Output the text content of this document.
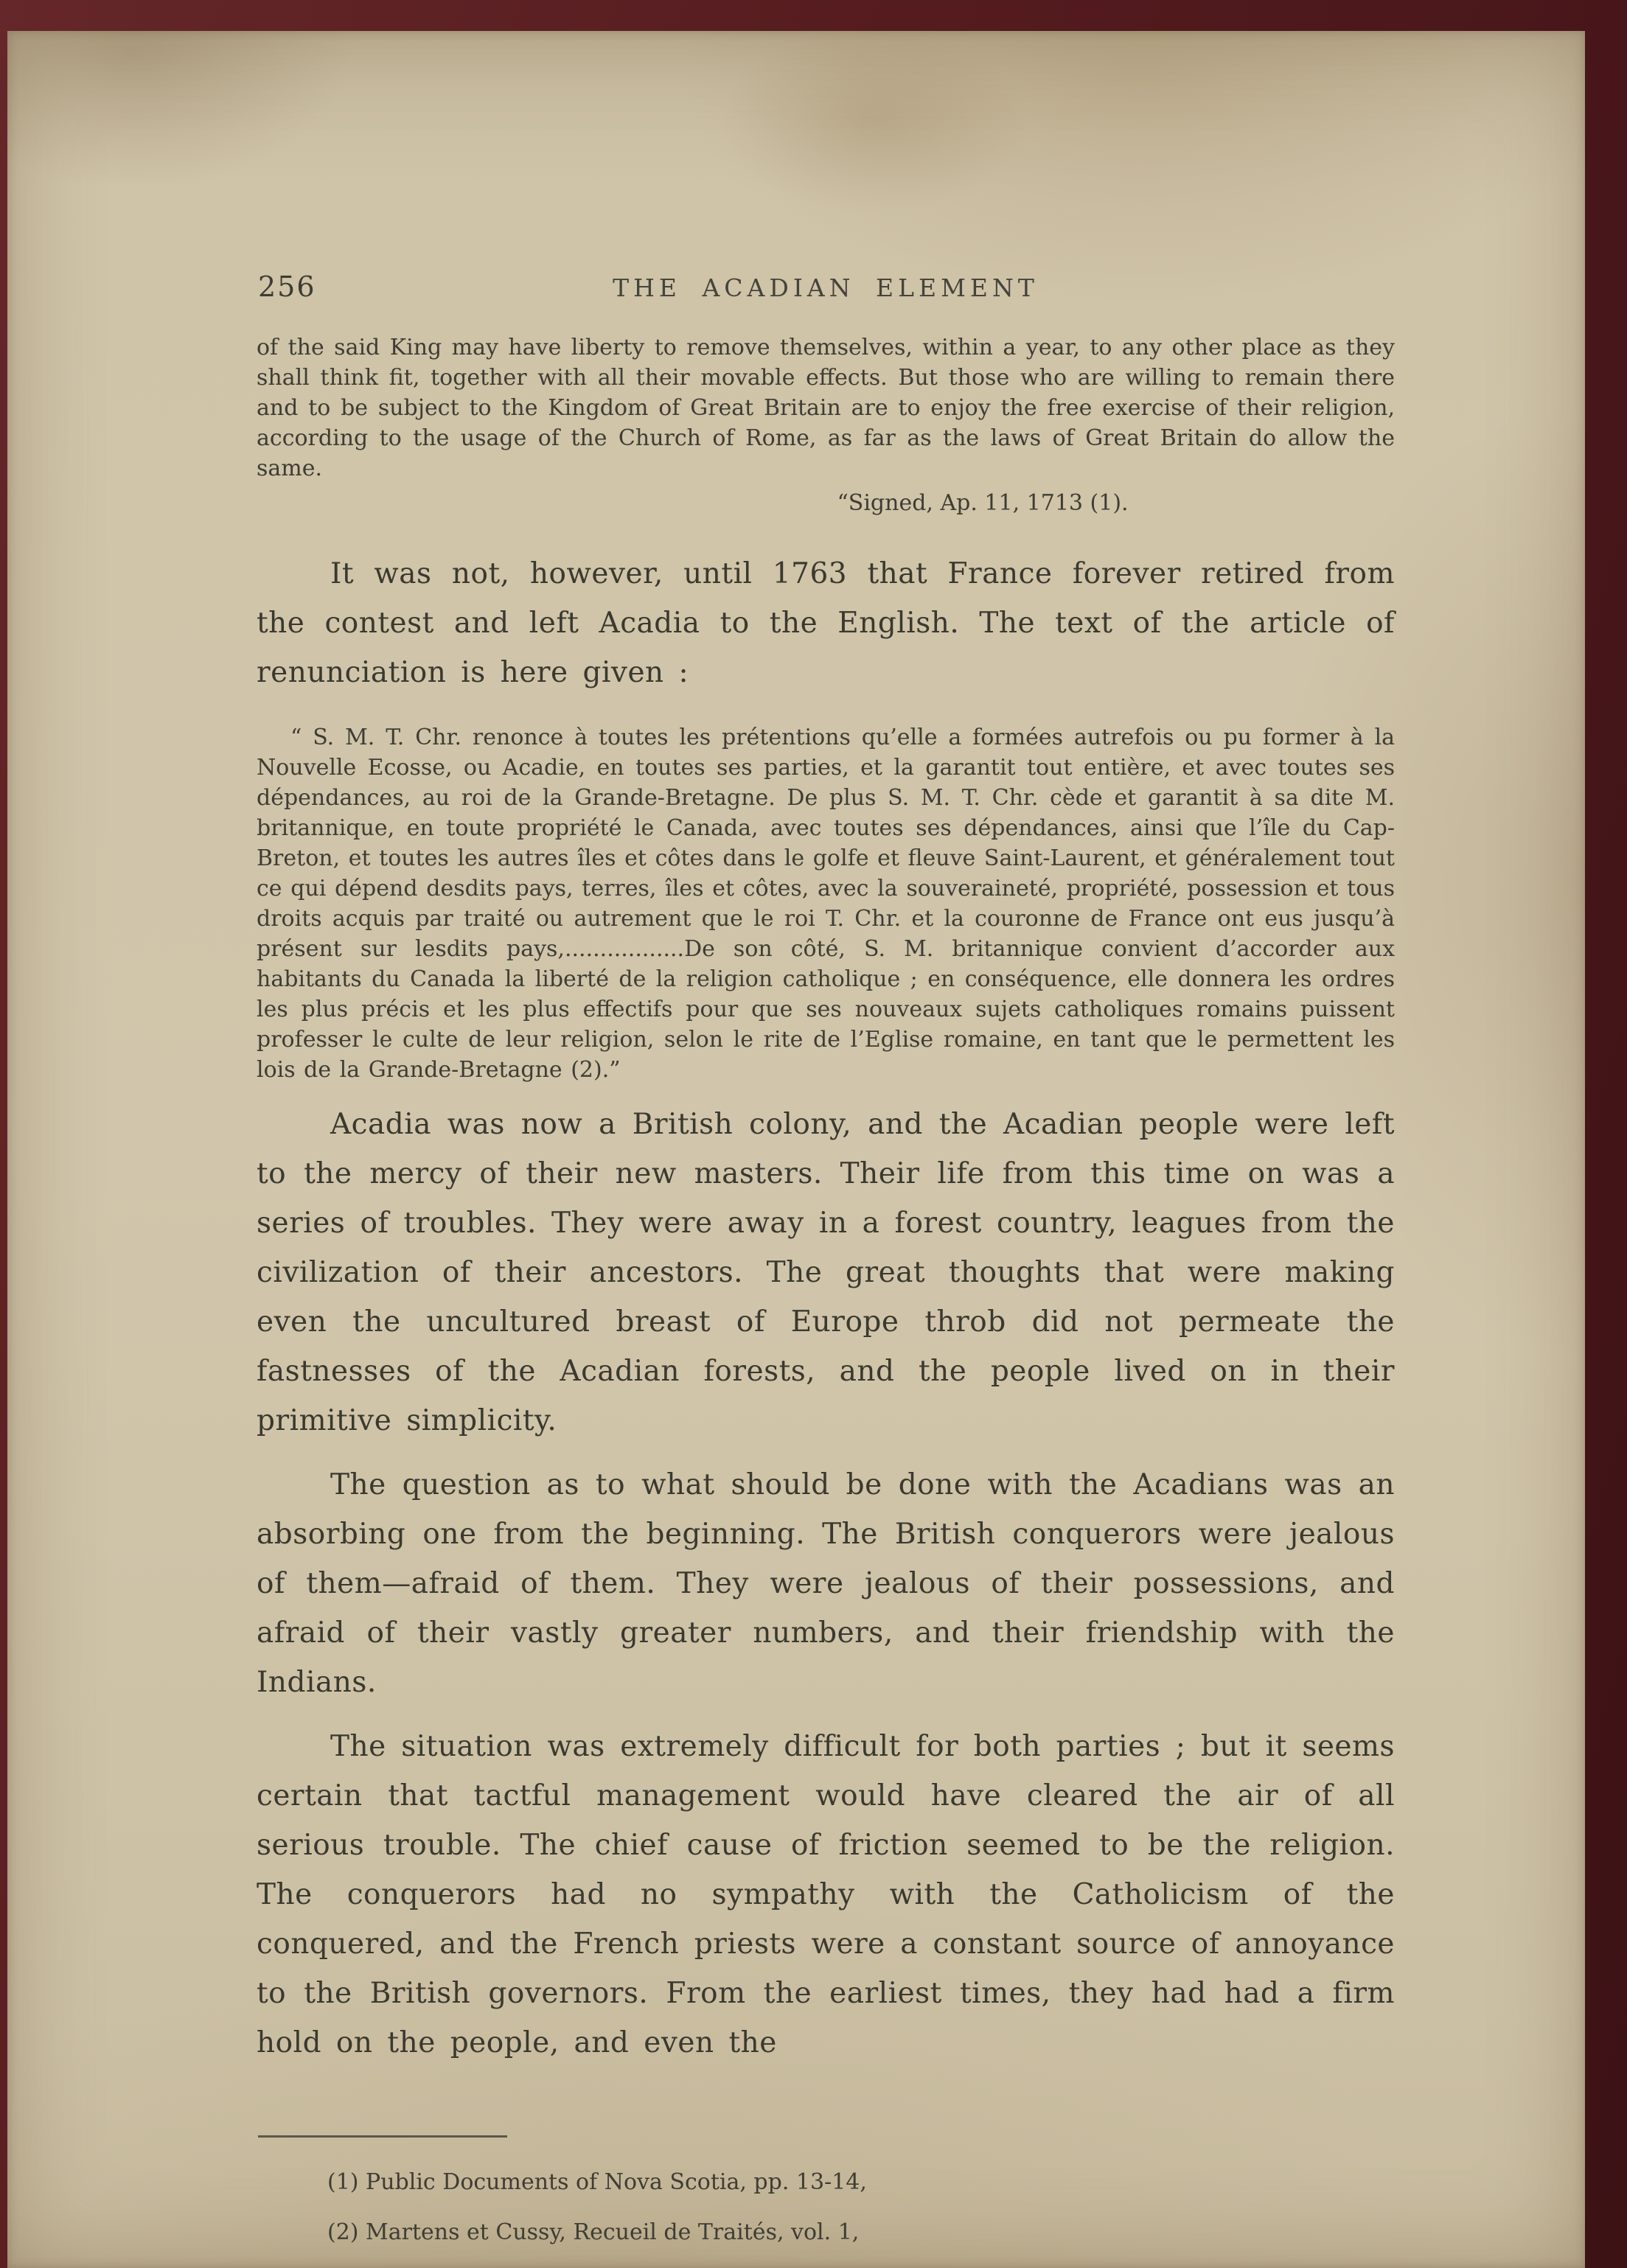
256	THE ACADIAN ELEMENT

of the said King may have liberty to remove themselves, within a year, to any other place as they shall think fit, together with all their movable effects. But those who are willing to remain there and to be subject to the Kingdom of Great Britain are to enjoy the free exercise of their religion, according to the usage of the Church of Rome, as far as the laws of Great Britain do allow the same.

“Signed, Ap. 11, 1713 (1).

It was not, however, until 1763 that France forever retired from the contest and left Acadia to the English. The text of the article of renunciation is here given :

“ S. M. T. Chr. renonce à toutes les prétentions qu’elle a formées autrefois ou pu former à la Nouvelle Ecosse, ou Acadie, en toutes ses parties, et la garantit tout entière, et avec toutes ses dépendances, au roi de la Grande-Bretagne. De plus S. M. T. Chr. cède et garantit à sa dite M. britannique, en toute propriété le Canada, avec toutes ses dépendances, ainsi que l’île du Cap-Breton, et toutes les autres îles et côtes dans le golfe et fleuve Saint-Laurent, et généralement tout ce qui dépend desdits pays, terres, îles et côtes, avec la souveraineté, propriété, possession et tous droits acquis par traité ou autrement que le roi T. Chr. et la couronne de France ont eus jusqu’à présent sur lesdits pays,.................De son côté, S. M. britannique convient d’accorder aux habitants du Canada la liberté de la religion catholique ; en conséquence, elle donnera les ordres les plus précis et les plus effectifs pour que ses nouveaux sujets catholiques romains puissent professer le culte de leur religion, selon le rite de l’Eglise romaine, en tant que le permettent les lois de la Grande-Bretagne (2).”

Acadia was now a British colony, and the Acadian people were left to the mercy of their new masters. Their life from this time on was a series of troubles. They were away in a forest country, leagues from the civilization of their ancestors. The great thoughts that were making even the uncultured breast of Europe throb did not permeate the fastnesses of the Acadian forests, and the people lived on in their primitive simplicity.

The question as to what should be done with the Acadians was an absorbing one from the beginning. The British conquerors were jealous of them—afraid of them. They were jealous of their possessions, and afraid of their vastly greater numbers, and their friendship with the Indians.

The situation was extremely difficult for both parties ; but it seems certain that tactful management would have cleared the air of all serious trouble. The chief cause of friction seemed to be the religion. The conquerors had no sympathy with the Catholicism of the conquered, and the French priests were a constant source of annoyance to the British governors. From the earliest times, they had had a firm hold on the people, and even the

(1) Public Documents of Nova Scotia, pp. 13-14,

(2) Martens et Cussy, Recueil de Traités, vol. 1,
